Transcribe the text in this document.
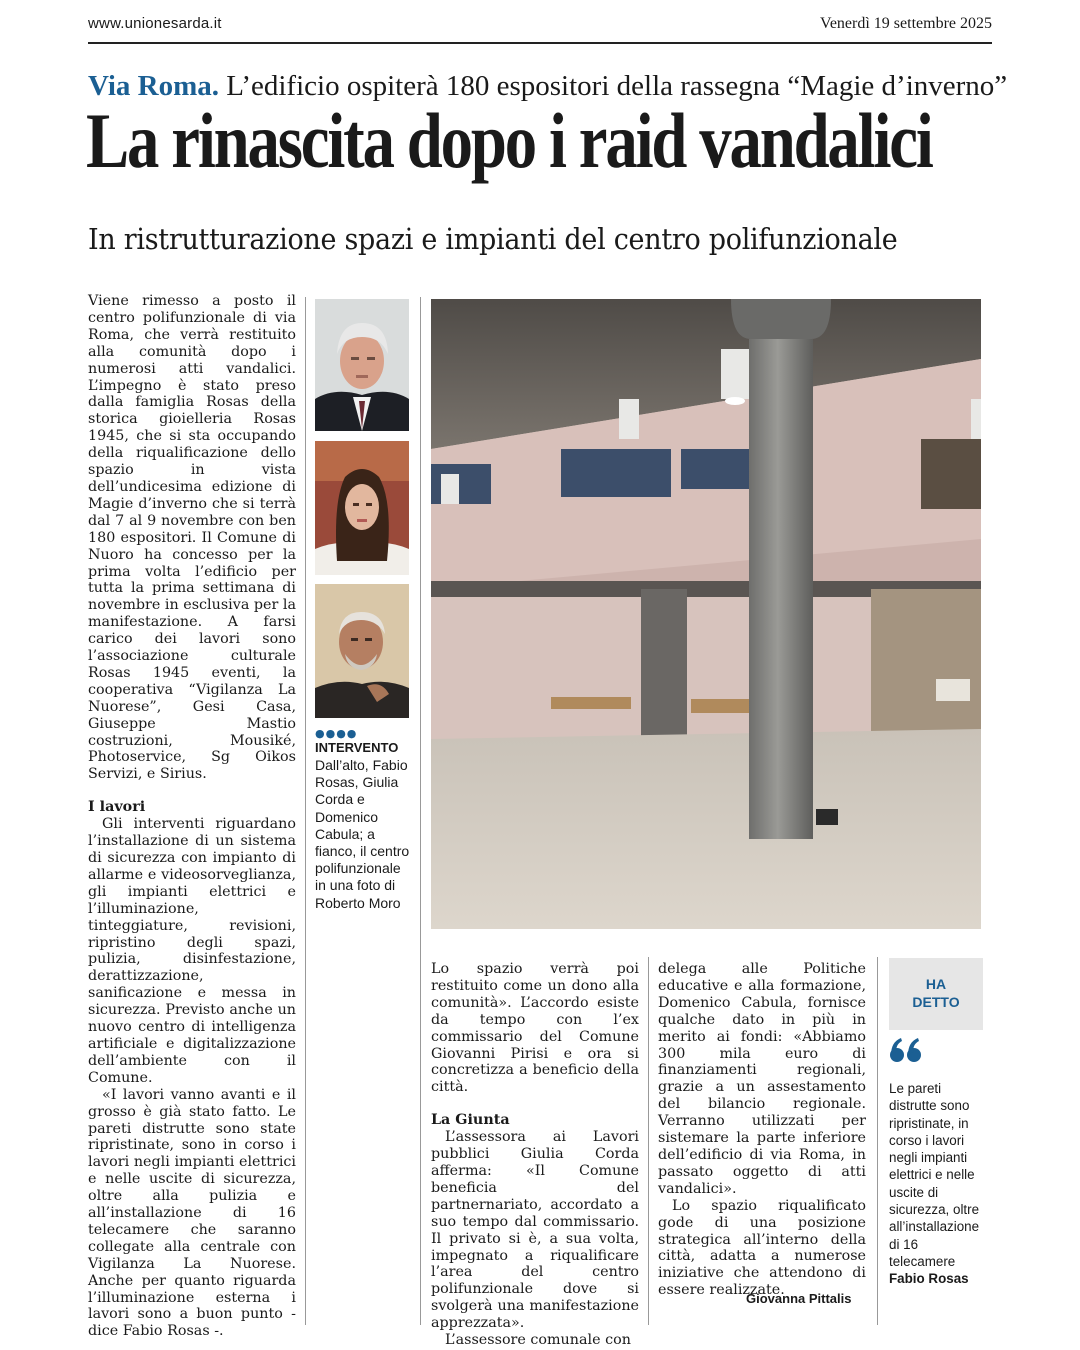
www.unionesarda.it	Venerdì 19 settembre 2025
Via Roma. L’edificio ospiterà 180 espositori della rassegna “Magie d’inverno”
La rinascita dopo i raid vandalici
In ristrutturazione spazi e impianti del centro polifunzionale

Viene rimesso a posto il centro polifunzionale di via Roma, che verrà restituito alla comunità dopo i numerosi atti vandalici. L’impegno è stato preso dalla famiglia Rosas della storica gioielleria Rosas 1945, che si sta occupando della riqualificazione dello spazio in vista dell’undicesima edizione di Magie d’inverno che si terrà dal 7 al 9 novembre con ben 180 espositori. Il Comune di Nuoro ha concesso per la prima volta l’edificio per tutta la prima settimana di novembre in esclusiva per la manifestazione. A farsi carico dei lavori sono l’associazione culturale Rosas 1945 eventi, la cooperativa “Vigilanza La Nuorese”, Gesi Casa, Giuseppe Mastio costruzioni, Mousiké, Photoservice, Sg Oikos Servizi, e Sirius.

I lavori

Gli interventi riguardano l’installazione di un sistema di sicurezza con impianto di allarme e videosorveglianza, gli impianti elettrici e l’illuminazione, tinteggiature, revisioni, ripristino degli spazi, pulizia, disinfestazione, derattizzazione, sanificazione e messa in sicurezza. Previsto anche un nuovo centro di intelligenza artificiale e digitalizzazione dell’ambiente con il Comune.

«I lavori vanno avanti e il grosso è già stato fatto. Le pareti distrutte sono state ripristinate, sono in corso i lavori negli impianti elettrici e nelle uscite di sicurezza, oltre alla pulizia e all’installazione di 16 telecamere che saranno collegate alla centrale con Vigilanza La Nuorese. Anche per quanto riguarda l’illuminazione esterna i lavori sono a buon punto - dice Fabio Rosas -.

●●●●
INTERVENTO
Dall’alto, Fabio Rosas, Giulia Corda e Domenico Cabula; a fianco, il centro polifunzionale in una foto di Roberto Moro

Lo spazio verrà poi restituito come un dono alla comunità». L’accordo esiste da tempo con l’ex commissario del Comune Giovanni Pirisi e ora si concretizza a beneficio della città.

La Giunta

L’assessora ai Lavori pubblici Giulia Corda afferma: «Il Comune beneficia del partnernariato, accordato a suo tempo dal commissario. Il privato si è, a sua volta, impegnato a riqualificare l’area del centro polifunzionale dove si svolgerà una manifestazione apprezzata».

L’assessore comunale con

delega alle Politiche educative e alla formazione, Domenico Cabula, fornisce qualche dato in più in merito ai fondi: «Abbiamo 300 mila euro di finanziamenti regionali, grazie a un assestamento del bilancio regionale. Verranno utilizzati per sistemare la parte inferiore dell’edificio di via Roma, in passato oggetto di atti vandalici».

Lo spazio riqualificato gode di una posizione strategica all’interno della città, adatta a numerose iniziative che attendono di essere realizzate.

Giovanna Pittalis
HA
DETTO
Le pareti distrutte sono ripristinate, in corso i lavori negli impianti elettrici e nelle uscite di sicurezza, oltre all’installazione di 16 telecamere
Fabio Rosas
